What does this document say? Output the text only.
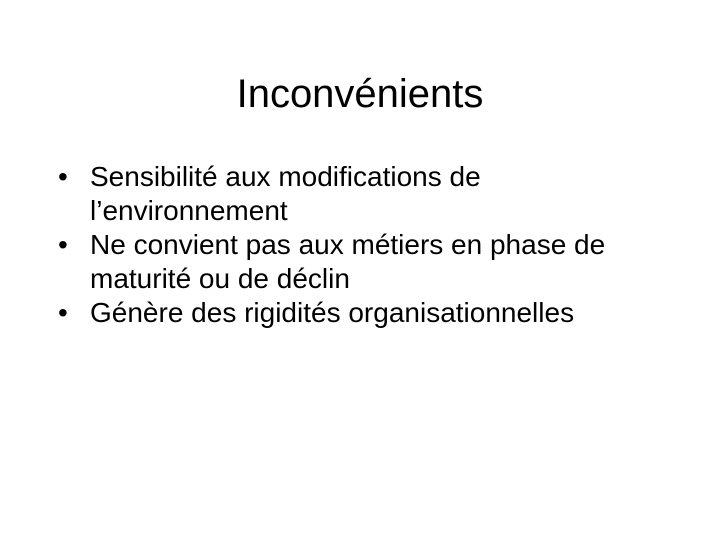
Inconvénients
• Sensibilité aux modifications de l’environnement
• Ne convient pas aux métiers en phase de maturité ou de déclin
• Génère des rigidités organisationnelles
